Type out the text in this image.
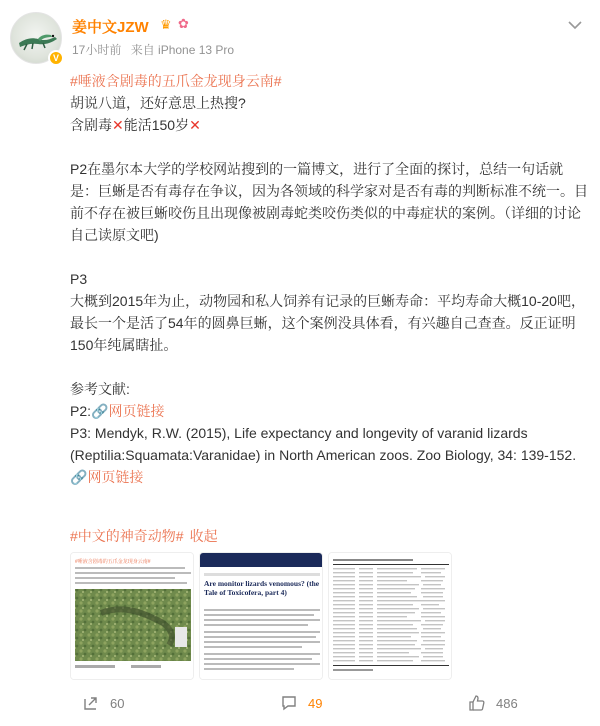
V
姜中文JZW ♛ ✿
17小时前 来自 iPhone 13 Pro

#唾液含剧毒的五爪金龙现身云南#

胡说八道，还好意思上热搜?

含剧毒✕能活150岁✕

P2在墨尔本大学的学校网站搜到的一篇博文，进行了全面的探讨，总结一句话就是：巨蜥是否有毒存在争议，因为各领域的科学家对是否有毒的判断标准不统一。目前不存在被巨蜥咬伤且出现像被剧毒蛇类咬伤类似的中毒症状的案例。（详细的讨论自己读原文吧)

P3

大概到2015年为止，动物园和私人饲养有记录的巨蜥寿命：平均寿命大概10-20吧，最长一个是活了54年的圆鼻巨蜥，这个案例没具体看，有兴趣自己查查。反正证明150年纯属瞎扯。

参考文献:

P2:🔗网页链接

P3: Mendyk, R.W. (2015), Life expectancy and longevity of varanid lizards (Reptilia:Squamata:Varanidae) in North American zoos. Zoo Biology, 34: 139-152. 🔗网页链接

#中文的神奇动物# 收起
#唾液含剧毒的五爪金龙现身云南#
Are monitor lizards venomous? (the Tale of Toxicofera, part 4)
60	49	486
